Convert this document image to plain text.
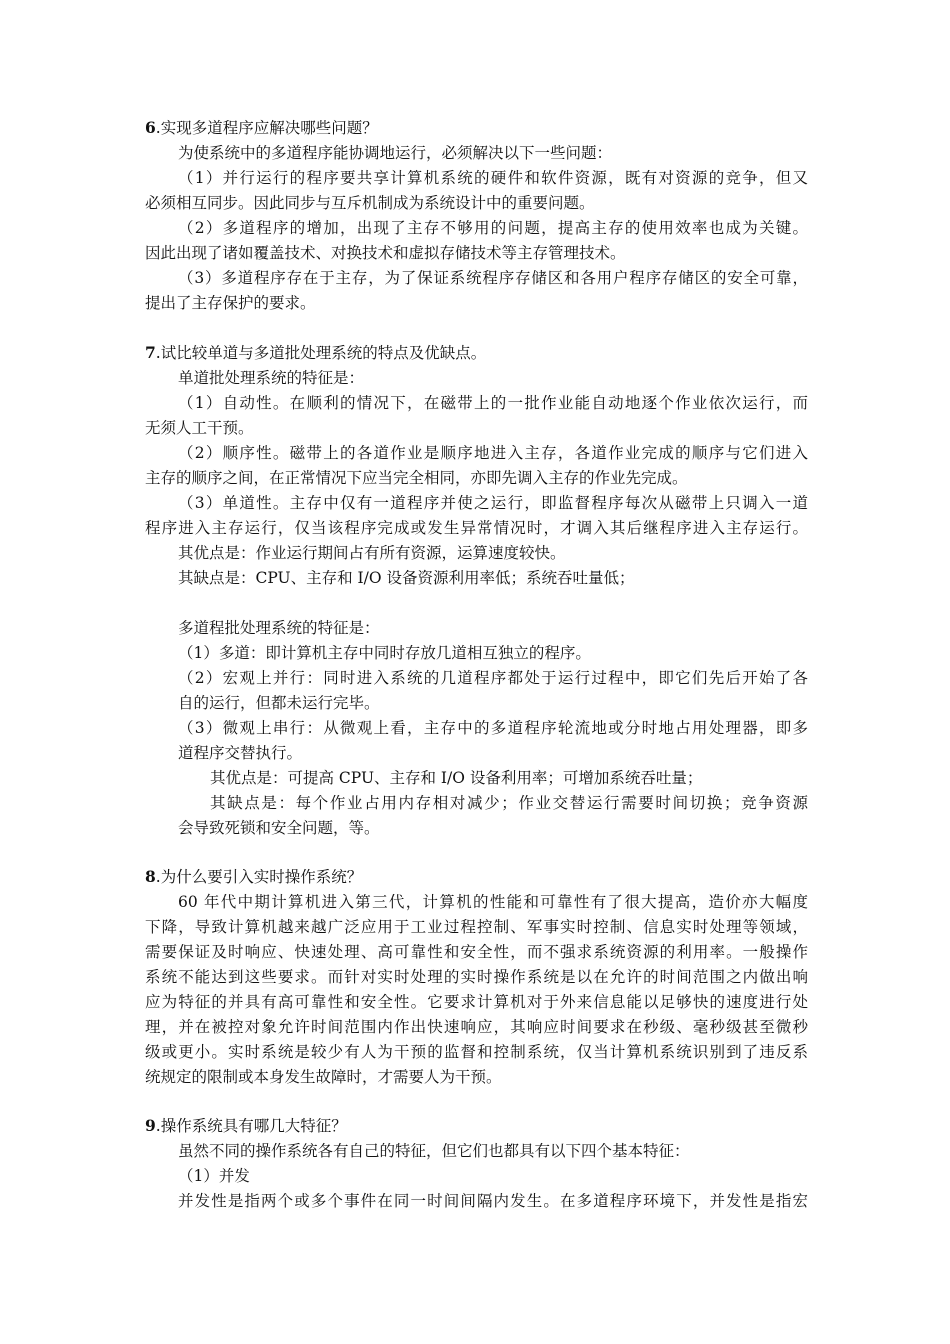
6.实现多道程序应解决哪些问题？
为使系统中的多道程序能协调地运行，必须解决以下一些问题：
（1）并行运行的程序要共享计算机系统的硬件和软件资源，既有对资源的竞争，但又
必须相互同步。因此同步与互斥机制成为系统设计中的重要问题。
（2）多道程序的增加，出现了主存不够用的问题，提高主存的使用效率也成为关键。
因此出现了诸如覆盖技术、对换技术和虚拟存储技术等主存管理技术。
（3）多道程序存在于主存，为了保证系统程序存储区和各用户程序存储区的安全可靠，
提出了主存保护的要求。
7.试比较单道与多道批处理系统的特点及优缺点。
单道批处理系统的特征是：
（1）自动性。在顺利的情况下，在磁带上的一批作业能自动地逐个作业依次运行，而
无须人工干预。
（2）顺序性。磁带上的各道作业是顺序地进入主存，各道作业完成的顺序与它们进入
主存的顺序之间，在正常情况下应当完全相同，亦即先调入主存的作业先完成。
（3）单道性。主存中仅有一道程序并使之运行，即监督程序每次从磁带上只调入一道
程序进入主存运行，仅当该程序完成或发生异常情况时，才调入其后继程序进入主存运行。
其优点是：作业运行期间占有所有资源，运算速度较快。
其缺点是：CPU、主存和 I/O 设备资源利用率低；系统吞吐量低；
多道程批处理系统的特征是：
（1）多道：即计算机主存中同时存放几道相互独立的程序。
（2）宏观上并行：同时进入系统的几道程序都处于运行过程中，即它们先后开始了各
自的运行，但都未运行完毕。
（3）微观上串行：从微观上看，主存中的多道程序轮流地或分时地占用处理器，即多
道程序交替执行。
其优点是：可提高 CPU、主存和 I/O 设备利用率；可增加系统吞吐量；
其缺点是：每个作业占用内存相对减少；作业交替运行需要时间切换；竞争资源
会导致死锁和安全问题，等。
8.为什么要引入实时操作系统？
60 年代中期计算机进入第三代，计算机的性能和可靠性有了很大提高，造价亦大幅度
下降，导致计算机越来越广泛应用于工业过程控制、军事实时控制、信息实时处理等领域，
需要保证及时响应、快速处理、高可靠性和安全性，而不强求系统资源的利用率。一般操作
系统不能达到这些要求。而针对实时处理的实时操作系统是以在允许的时间范围之内做出响
应为特征的并具有高可靠性和安全性。它要求计算机对于外来信息能以足够快的速度进行处
理，并在被控对象允许时间范围内作出快速响应，其响应时间要求在秒级、毫秒级甚至微秒
级或更小。实时系统是较少有人为干预的监督和控制系统，仅当计算机系统识别到了违反系
统规定的限制或本身发生故障时，才需要人为干预。
9.操作系统具有哪几大特征？
虽然不同的操作系统各有自己的特征，但它们也都具有以下四个基本特征：
（1）并发
并发性是指两个或多个事件在同一时间间隔内发生。在多道程序环境下，并发性是指宏
